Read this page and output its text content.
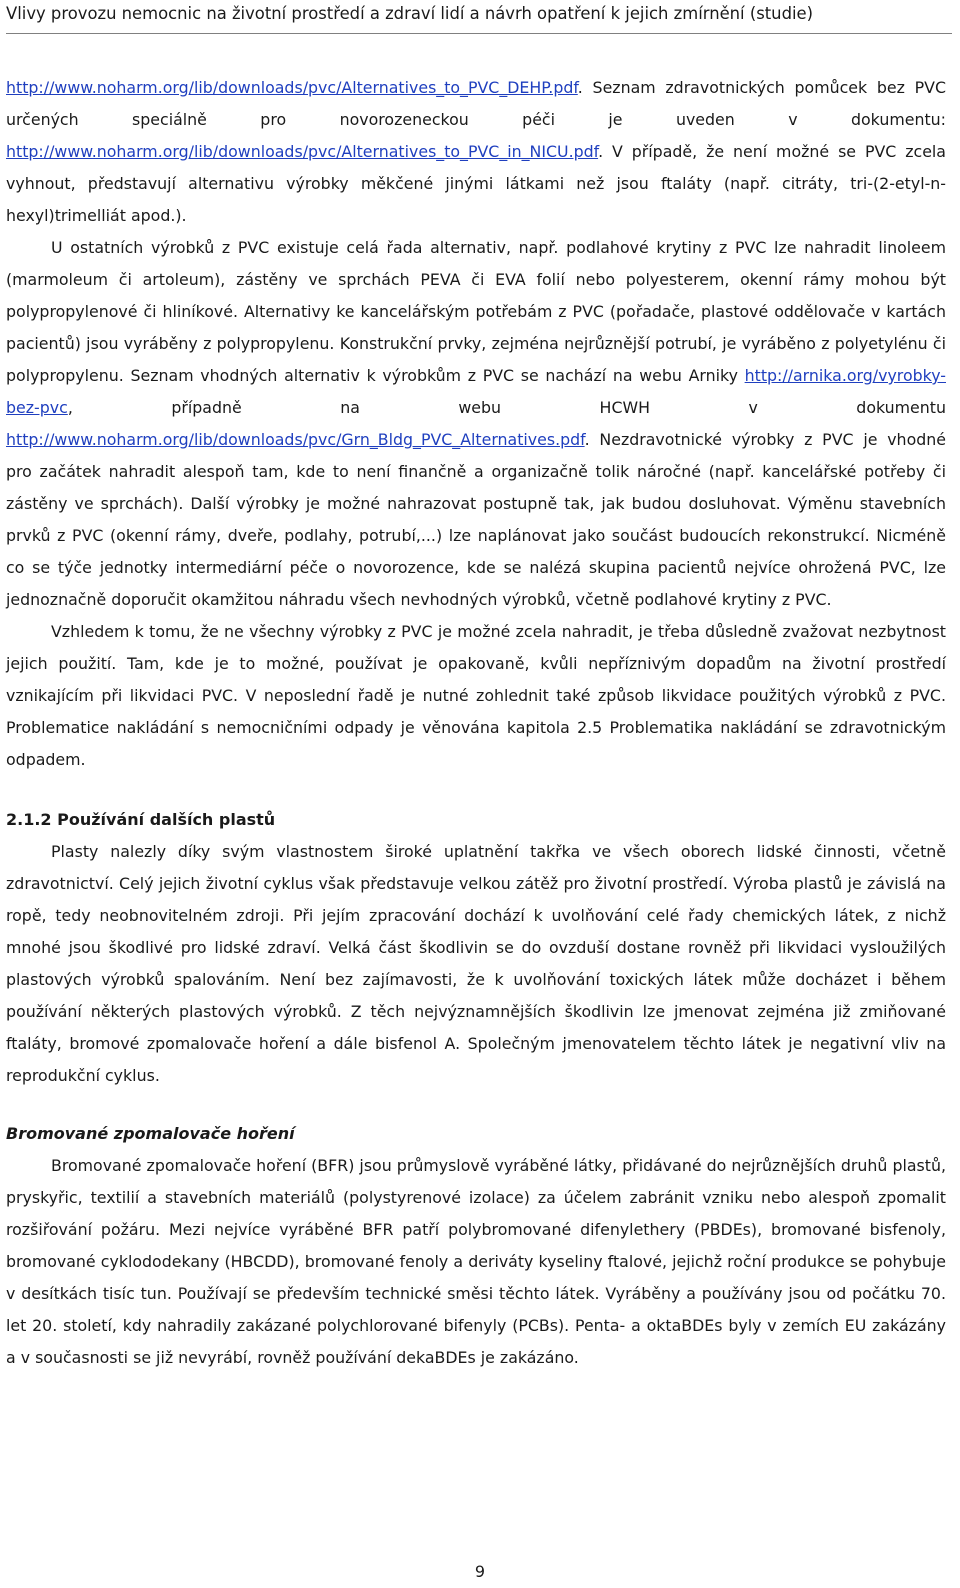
Vlivy provozu nemocnic na životní prostředí a zdraví lidí a návrh opatření k jejich zmírnění (studie)

http://www.noharm.org/lib/downloads/pvc/Alternatives_to_PVC_DEHP.pdf. Seznam zdravotnických pomůcek bez PVC určených speciálně pro novorozeneckou péči je uveden v dokumentu: http://www.noharm.org/lib/downloads/pvc/Alternatives_to_PVC_in_NICU.pdf. V případě, že není možné se PVC zcela vyhnout, představují alternativu výrobky měkčené jinými látkami než jsou ftaláty (např. citráty, tri-(2-etyl-n-hexyl)trimelliát apod.).

U ostatních výrobků z PVC existuje celá řada alternativ, např. podlahové krytiny z PVC lze nahradit linoleem (marmoleum či artoleum), zástěny ve sprchách PEVA či EVA folií nebo polyesterem, okenní rámy mohou být polypropylenové či hliníkové. Alternativy ke kancelářským potřebám z PVC (pořadače, plastové oddělovače v kartách pacientů) jsou vyráběny z polypropylenu. Konstrukční prvky, zejména nejrůznější potrubí, je vyráběno z polyetylénu či polypropylenu. Seznam vhodných alternativ k výrobkům z PVC se nachází na webu Arniky http://arnika.org/vyrobky-bez-pvc, případně na webu HCWH v dokumentu http://www.noharm.org/lib/downloads/pvc/Grn_Bldg_PVC_Alternatives.pdf. Nezdravotnické výrobky z PVC je vhodné pro začátek nahradit alespoň tam, kde to není finančně a organizačně tolik náročné (např. kancelářské potřeby či zástěny ve sprchách). Další výrobky je možné nahrazovat postupně tak, jak budou dosluhovat. Výměnu stavebních prvků z PVC (okenní rámy, dveře, podlahy, potrubí,...) lze naplánovat jako součást budoucích rekonstrukcí. Nicméně co se týče jednotky intermediární péče o novorozence, kde se nalézá skupina pacientů nejvíce ohrožená PVC, lze jednoznačně doporučit okamžitou náhradu všech nevhodných výrobků, včetně podlahové krytiny z PVC.

Vzhledem k tomu, že ne všechny výrobky z PVC je možné zcela nahradit, je třeba důsledně zvažovat nezbytnost jejich použití. Tam, kde je to možné, používat je opakovaně, kvůli nepříznivým dopadům na životní prostředí vznikajícím při likvidaci PVC. V neposlední řadě je nutné zohlednit také způsob likvidace použitých výrobků z PVC. Problematice nakládání s nemocničními odpady je věnována kapitola 2.5 Problematika nakládání se zdravotnickým odpadem.

2.1.2 Používání dalších plastů

Plasty nalezly díky svým vlastnostem široké uplatnění takřka ve všech oborech lidské činnosti, včetně zdravotnictví. Celý jejich životní cyklus však představuje velkou zátěž pro životní prostředí. Výroba plastů je závislá na ropě, tedy neobnovitelném zdroji. Při jejím zpracování dochází k uvolňování celé řady chemických látek, z nichž mnohé jsou škodlivé pro lidské zdraví. Velká část škodlivin se do ovzduší dostane rovněž při likvidaci vysloužilých plastových výrobků spalováním. Není bez zajímavosti, že k uvolňování toxických látek může docházet i během používání některých plastových výrobků. Z těch nejvýznamnějších škodlivin lze jmenovat zejména již zmiňované ftaláty, bromové zpomalovače hoření a dále bisfenol A. Společným jmenovatelem těchto látek je negativní vliv na reprodukční cyklus.

Bromované zpomalovače hoření

Bromované zpomalovače hoření (BFR) jsou průmyslově vyráběné látky, přidávané do nejrůznějších druhů plastů, pryskyřic, textilií a stavebních materiálů (polystyrenové izolace) za účelem zabránit vzniku nebo alespoň zpomalit rozšiřování požáru. Mezi nejvíce vyráběné BFR patří polybromované difenylethery (PBDEs), bromované bisfenoly, bromované cyklododekany (HBCDD), bromované fenoly a deriváty kyseliny ftalové, jejichž roční produkce se pohybuje v desítkách tisíc tun. Používají se především technické směsi těchto látek. Vyráběny a používány jsou od počátku 70. let 20. století, kdy nahradily zakázané polychlorované bifenyly (PCBs). Penta- a oktaBDEs byly v zemích EU zakázány a v současnosti se již nevyrábí, rovněž používání dekaBDEs je zakázáno.

9
